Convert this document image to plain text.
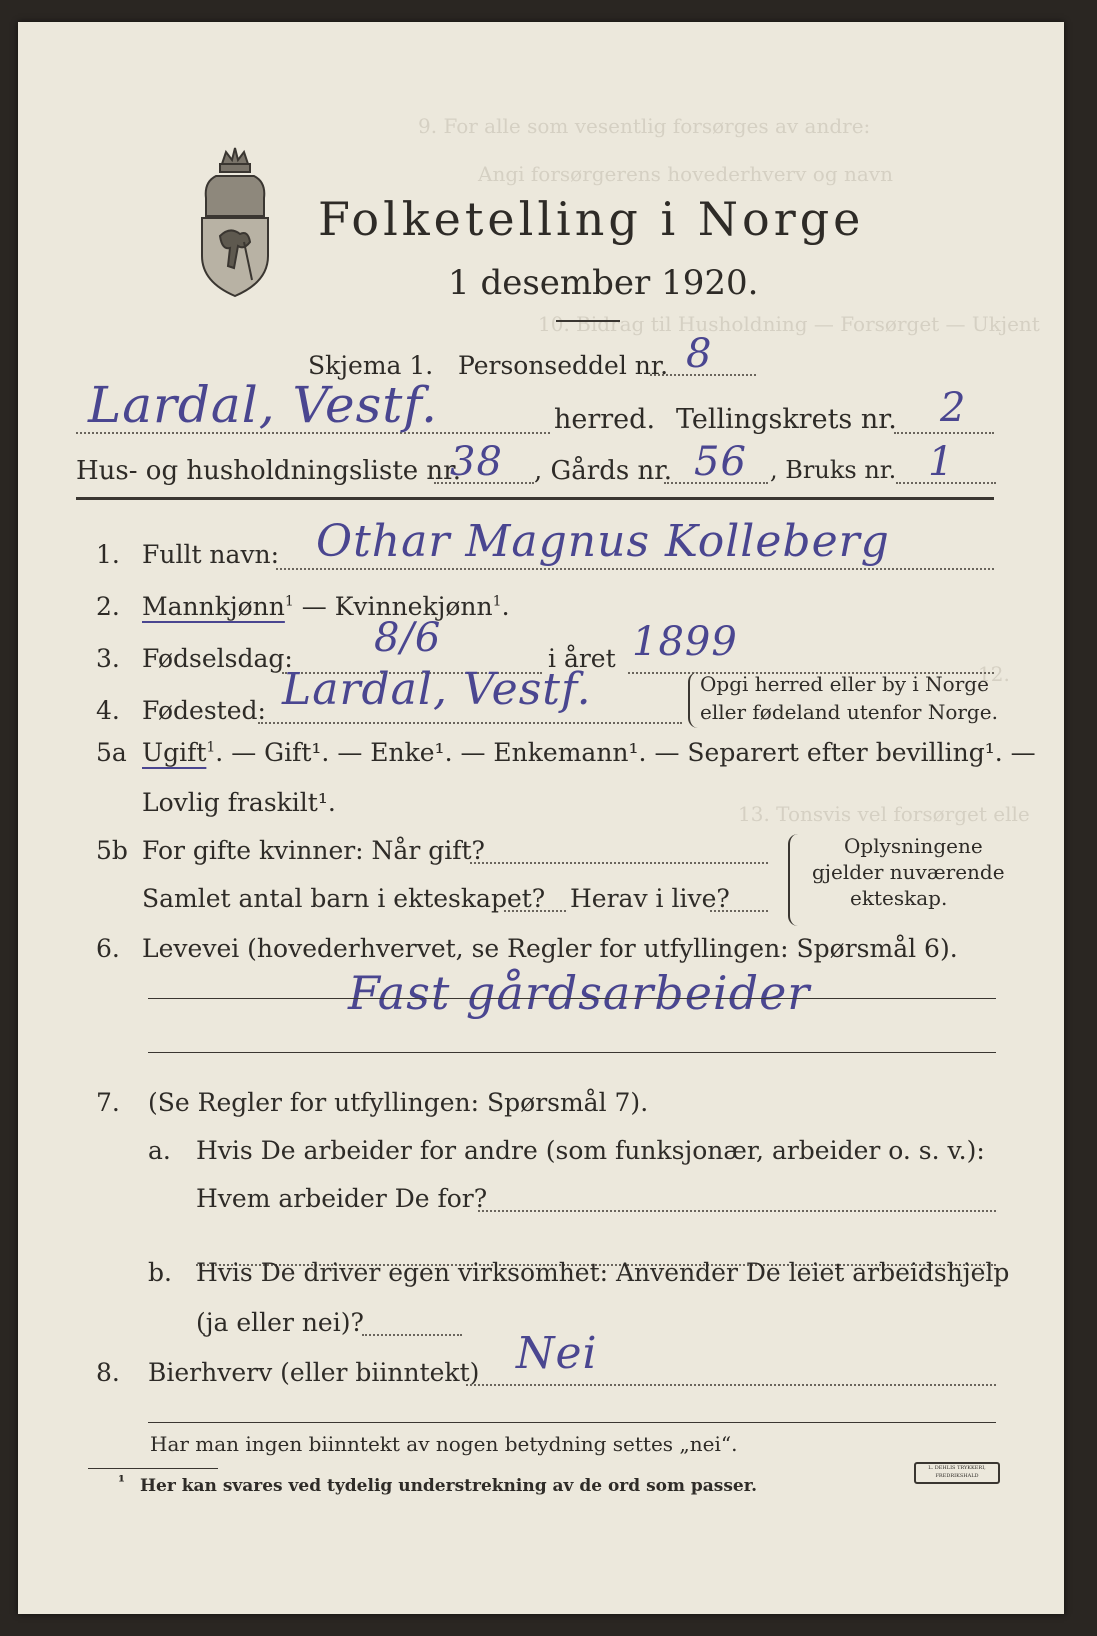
9. For alle som vesentlig forsørges av andre:
Angi forsørgerens hovederhverv og navn
10. Bidrag til Husholdning — Forsørget — Ukjent
12.
13. Tonsvis vel forsørget elle
Folketelling i Norge
1 desember 1920.
Skjema 1. Personseddel nr. 8
Lardal, Vestf.	herred. Tellingskrets nr. 2
Hus- og husholdningsliste nr.
38 , Gårds nr. 56 , Bruks nr. 1
1. Fullt navn: Othar Magnus Kolleberg
2. Mannkjønn$^1$ — Kvinnekjønn$^1$.
3. Fødselsdag: 8/6	i året 1899
4. Fødested: Lardal, Vestf.	Opgi herred eller by i Norge
eller fødeland utenfor Norge.
5a Ugift$^1$. — Gift¹. — Enke¹. — Enkemann¹. — Separert efter bevilling¹. —
Lovlig fraskilt¹.
5b For gifte kvinner: Når gift?
Samlet antal barn i ekteskapet? Herav i live?
Oplysningene
gjelder nuværende
ekteskap.
6. Levevei (hovederhvervet, se Regler for utfyllingen: Spørsmål 6).
Fast gårdsarbeider
7. (Se Regler for utfyllingen: Spørsmål 7).
a. Hvis De arbeider for andre (som funksjonær, arbeider o. s. v.):
Hvem arbeider De for?
b. Hvis De driver egen virksomhet: Anvender De leiet arbeidshjelp
(ja eller nei)?
8. Bierhverv (eller biinntekt) Nei
Har man ingen biinntekt av nogen betydning settes „nei“.
¹ Her kan svares ved tydelig understrekning av de ord som passer.
L. DEHLIS TRYKKERI, FREDRIKSHALD
